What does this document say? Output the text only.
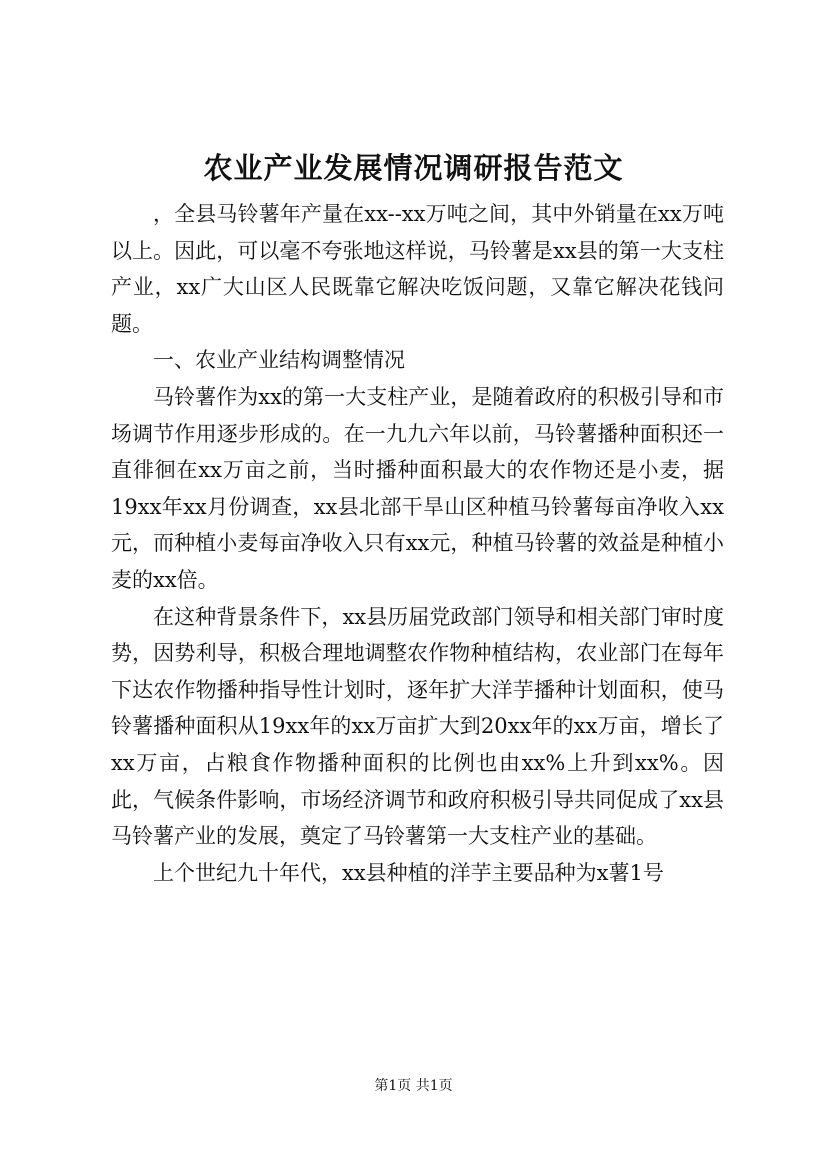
农业产业发展情况调研报告范文

，全县马铃薯年产量在xx--xx万吨之间，其中外销量在xx万吨以上。因此，可以毫不夸张地这样说，马铃薯是xx县的第一大支柱产业，xx广大山区人民既靠它解决吃饭问题，又靠它解决花钱问题。

一、农业产业结构调整情况

马铃薯作为xx的第一大支柱产业，是随着政府的积极引导和市场调节作用逐步形成的。在一九九六年以前，马铃薯播种面积还一直徘徊在xx万亩之前，当时播种面积最大的农作物还是小麦，据19xx年xx月份调查，xx县北部干旱山区种植马铃薯每亩净收入xx元，而种植小麦每亩净收入只有xx元，种植马铃薯的效益是种植小麦的xx倍。

在这种背景条件下，xx县历届党政部门领导和相关部门审时度势，因势利导，积极合理地调整农作物种植结构，农业部门在每年下达农作物播种指导性计划时，逐年扩大洋芋播种计划面积，使马铃薯播种面积从19xx年的xx万亩扩大到20xx年的xx万亩，增长了xx万亩，占粮食作物播种面积的比例也由xx%上升到xx%。因此，气候条件影响，市场经济调节和政府积极引导共同促成了xx县马铃薯产业的发展，奠定了马铃薯第一大支柱产业的基础。

上个世纪九十年代，xx县种植的洋芋主要品种为x薯1号

第1页 共1页
